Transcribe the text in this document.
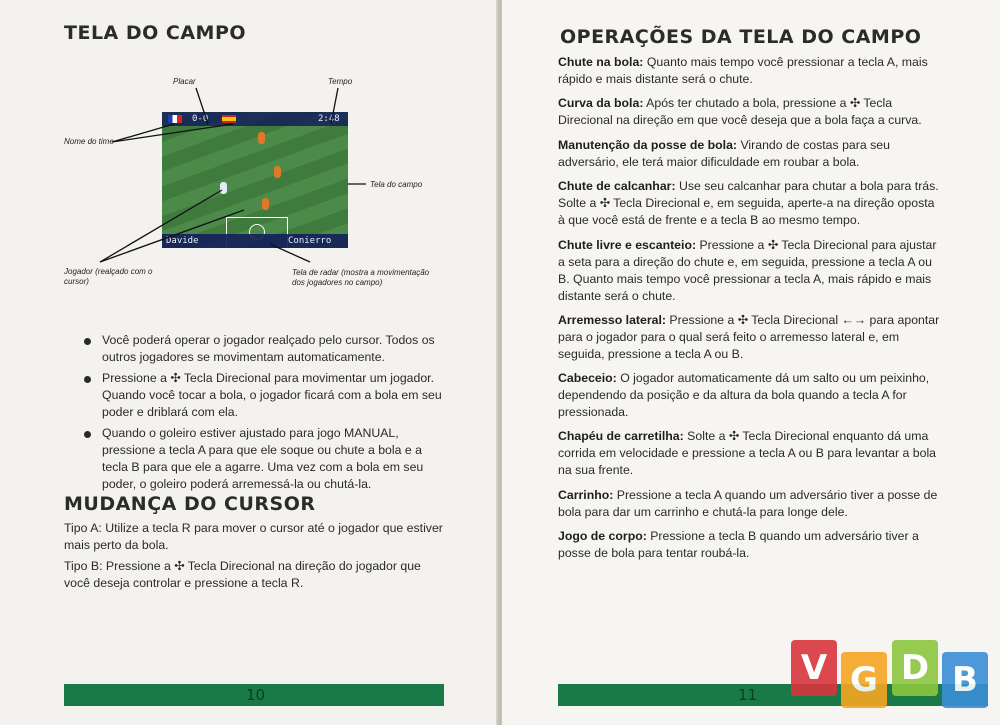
TELA DO CAMPO
0-0	2:48
Davide	Conierro
Placar	Tempo
Nome do time
Tela do campo
Jogador (realçado com o cursor)
Tela de radar (mostra a movimentação dos jogadores no campo)
Você poderá operar o jogador realçado pelo cursor. Todos os outros jogadores se movimentam automaticamente.
Pressione a ✣ Tecla Direcional para movimentar um jogador. Quando você tocar a bola, o jogador ficará com a bola em seu poder e driblará com ela.
Quando o goleiro estiver ajustado para jogo MANUAL, pressione a tecla A para que ele soque ou chute a bola e a tecla B para que ele a agarre. Uma vez com a bola em seu poder, o goleiro poderá arremessá-la ou chutá-la.
MUDANÇA DO CURSOR
Tipo A: Utilize a tecla R para mover o cursor até o jogador que estiver mais perto da bola.
Tipo B: Pressione a ✣ Tecla Direcional na direção do jogador que você deseja controlar e pressione a tecla R.
10
OPERAÇÕES DA TELA DO CAMPO
11
Chute na bola: Quanto mais tempo você pressionar a tecla A, mais rápido e mais distante será o chute.
Curva da bola: Após ter chutado a bola, pressione a ✣ Tecla Direcional na direção em que você deseja que a bola faça a curva.
Manutenção da posse de bola: Virando de costas para seu adversário, ele terá maior dificuldade em roubar a bola.
Chute de calcanhar: Use seu calcanhar para chutar a bola para trás. Solte a ✣ Tecla Direcional e, em seguida, aperte-a na direção oposta à que você está de frente e a tecla B ao mesmo tempo.
Chute livre e escanteio: Pressione a ✣ Tecla Direcional para ajustar a seta para a direção do chute e, em seguida, pressione a tecla A ou B. Quanto mais tempo você pressionar a tecla A, mais rápido e mais distante será o chute.
Arremesso lateral: Pressione a ✣ Tecla Direcional ←→ para apontar para o jogador para o qual será feito o arremesso lateral e, em seguida, pressione a tecla A ou B.
Cabeceio: O jogador automaticamente dá um salto ou um peixinho, dependendo da posição e da altura da bola quando a tecla A for pressionada.
Chapéu de carretilha: Solte a ✣ Tecla Direcional enquanto dá uma corrida em velocidade e pressione a tecla A ou B para levantar a bola na sua frente.
Carrinho: Pressione a tecla A quando um adversário tiver a posse de bola para dar um carrinho e chutá-la para longe dele.
Jogo de corpo: Pressione a tecla B quando um adversário tiver a posse de bola para tentar roubá-la.
V G D B
